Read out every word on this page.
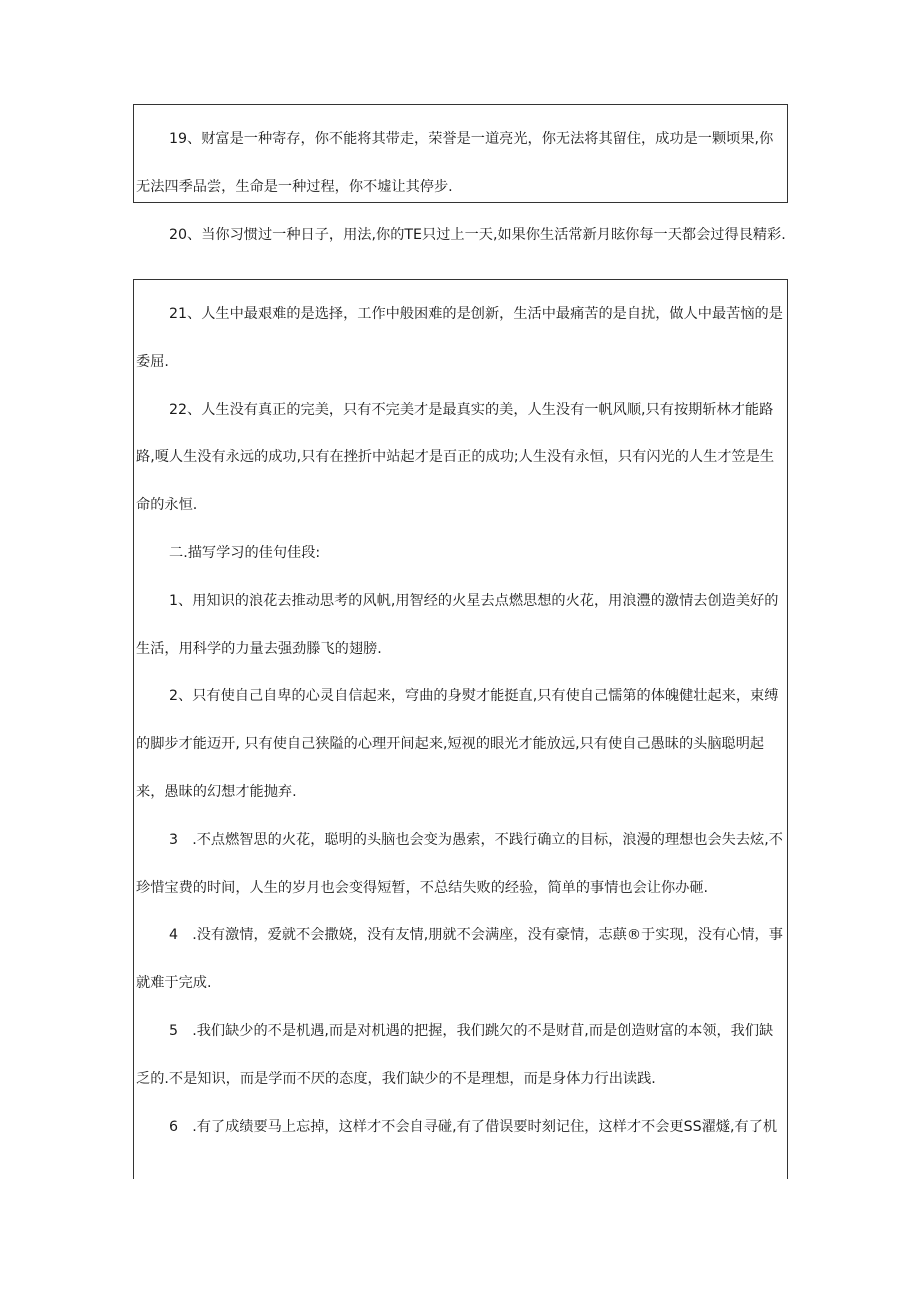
19、财富是一种寄存，你不能将其带走，荣誉是一道亮光，你无法将其留住，成功是一颗顷果,你无法四季品尝，生命是一种过程，你不墟让其停步.

20、当你习惯过一种日子，用法,你的TE只过上一天,如果你生活常新月眩你每一天都会过得艮精彩.

21、人生中最艰难的是选择，工作中般困难的是创新，生活中最痛苦的是自扰，做人中最苦恼的是委屈.

22、人生没有真正的完美，只有不完美才是最真实的美，人生没有一帆风顺,只有按期斩林才能路路,嗄人生没有永远的成功,只有在挫折中站起才是百正的成功;人生没有永恒，只有闪光的人生才笠是生命的永恒.

二.描写学习的佳句佳段:

1、用知识的浪花去推动思考的风帆,用智经的火星去点燃思想的火花，用浪灃的激情去创造美好的生活，用科学的力量去强劲滕飞的翅膀.

2、只有使自己自卑的心灵自信起来，穹曲的身熨才能挺直,只有使自己懦第的体魄健壮起来，束缚的脚步才能迈开, 只有使自己狭隘的心理开间起来,短视的眼光才能放远,只有使自己愚昧的头脑聪明起来，愚昧的幻想才能抛弃.

3　.不点燃智思的火花，聪明的头脑也会变为愚索，不践行确立的目标，浪漫的理想也会失去炫,不珍惜宝费的时间，人生的岁月也会变得短暂，不总结失败的经验，简单的事情也会让你办砸.

4　.没有激情，爱就不会撒娆，没有友情,朋就不会满座，没有豪情，志蕻®于实现，没有心情，事就难于完成.

5　.我们缺少的不是机遇,而是对机遇的把握，我们跳欠的不是财苜,而是创造财富的本领，我们缺乏的.不是知识，而是学而不厌的态度，我们缺少的不是理想，而是身体力行出读践.

6　.有了成绩要马上忘掉，这样才不会自寻碰,有了借误要时刻记住，这样才不会更SS濯燧,有了机
